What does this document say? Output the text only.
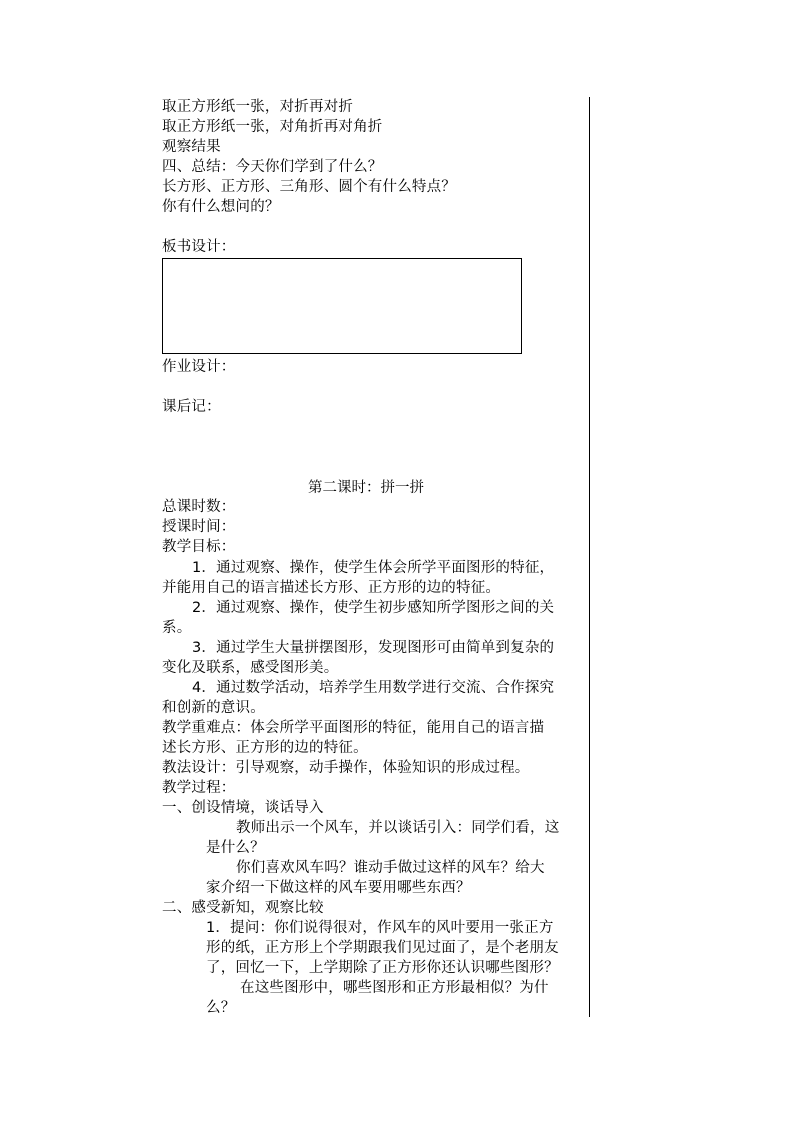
取正方形纸一张，对折再对折
取正方形纸一张，对角折再对角折
观察结果
四、总结：今天你们学到了什么？
长方形、正方形、三角形、圆个有什么特点？
你有什么想问的？
板书设计：
作业设计：
课后记：
第二课时：拼一拼
总课时数：
授课时间：
教学目标：
1．通过观察、操作，使学生体会所学平面图形的特征，
并能用自己的语言描述长方形、正方形的边的特征。
2．通过观察、操作，使学生初步感知所学图形之间的关
系。
3．通过学生大量拼摆图形，发现图形可由简单到复杂的
变化及联系，感受图形美。
4．通过数学活动，培养学生用数学进行交流、合作探究
和创新的意识。
教学重难点：体会所学平面图形的特征，能用自己的语言描
述长方形、正方形的边的特征。
教法设计：引导观察，动手操作，体验知识的形成过程。
教学过程：
一、创设情境，谈话导入
教师出示一个风车，并以谈话引入：同学们看，这
是什么？
你们喜欢风车吗？谁动手做过这样的风车？给大
家介绍一下做这样的风车要用哪些东西？
二、感受新知，观察比较
1．提问：你们说得很对，作风车的风叶要用一张正方
形的纸，正方形上个学期跟我们见过面了，是个老朋友
了，回忆一下，上学期除了正方形你还认识哪些图形？
在这些图形中，哪些图形和正方形最相似？为什
么？
